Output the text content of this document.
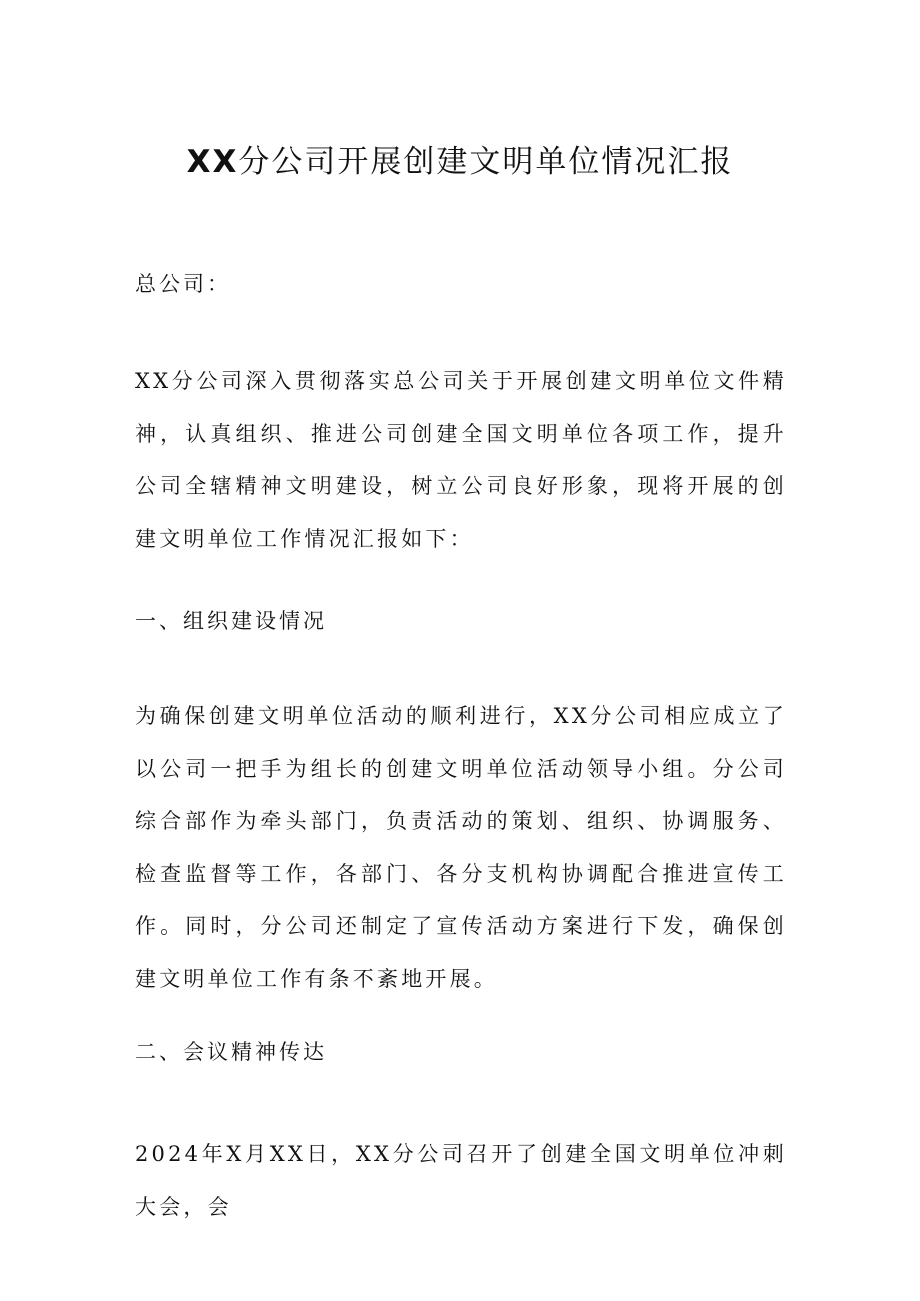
XX分公司开展创建文明单位情况汇报

总公司：

XX分公司深入贯彻落实总公司关于开展创建文明单位文件精神，认真组织、推进公司创建全国文明单位各项工作，提升公司全辖精神文明建设，树立公司良好形象，现将开展的创建文明单位工作情况汇报如下：

一、组织建设情况

为确保创建文明单位活动的顺利进行，XX分公司相应成立了以公司一把手为组长的创建文明单位活动领导小组。分公司综合部作为牵头部门，负责活动的策划、组织、协调服务、检查监督等工作，各部门、各分支机构协调配合推进宣传工作。同时，分公司还制定了宣传活动方案进行下发，确保创建文明单位工作有条不紊地开展。

二、会议精神传达

2024年X月XX日，XX分公司召开了创建全国文明单位冲刺大会，会
